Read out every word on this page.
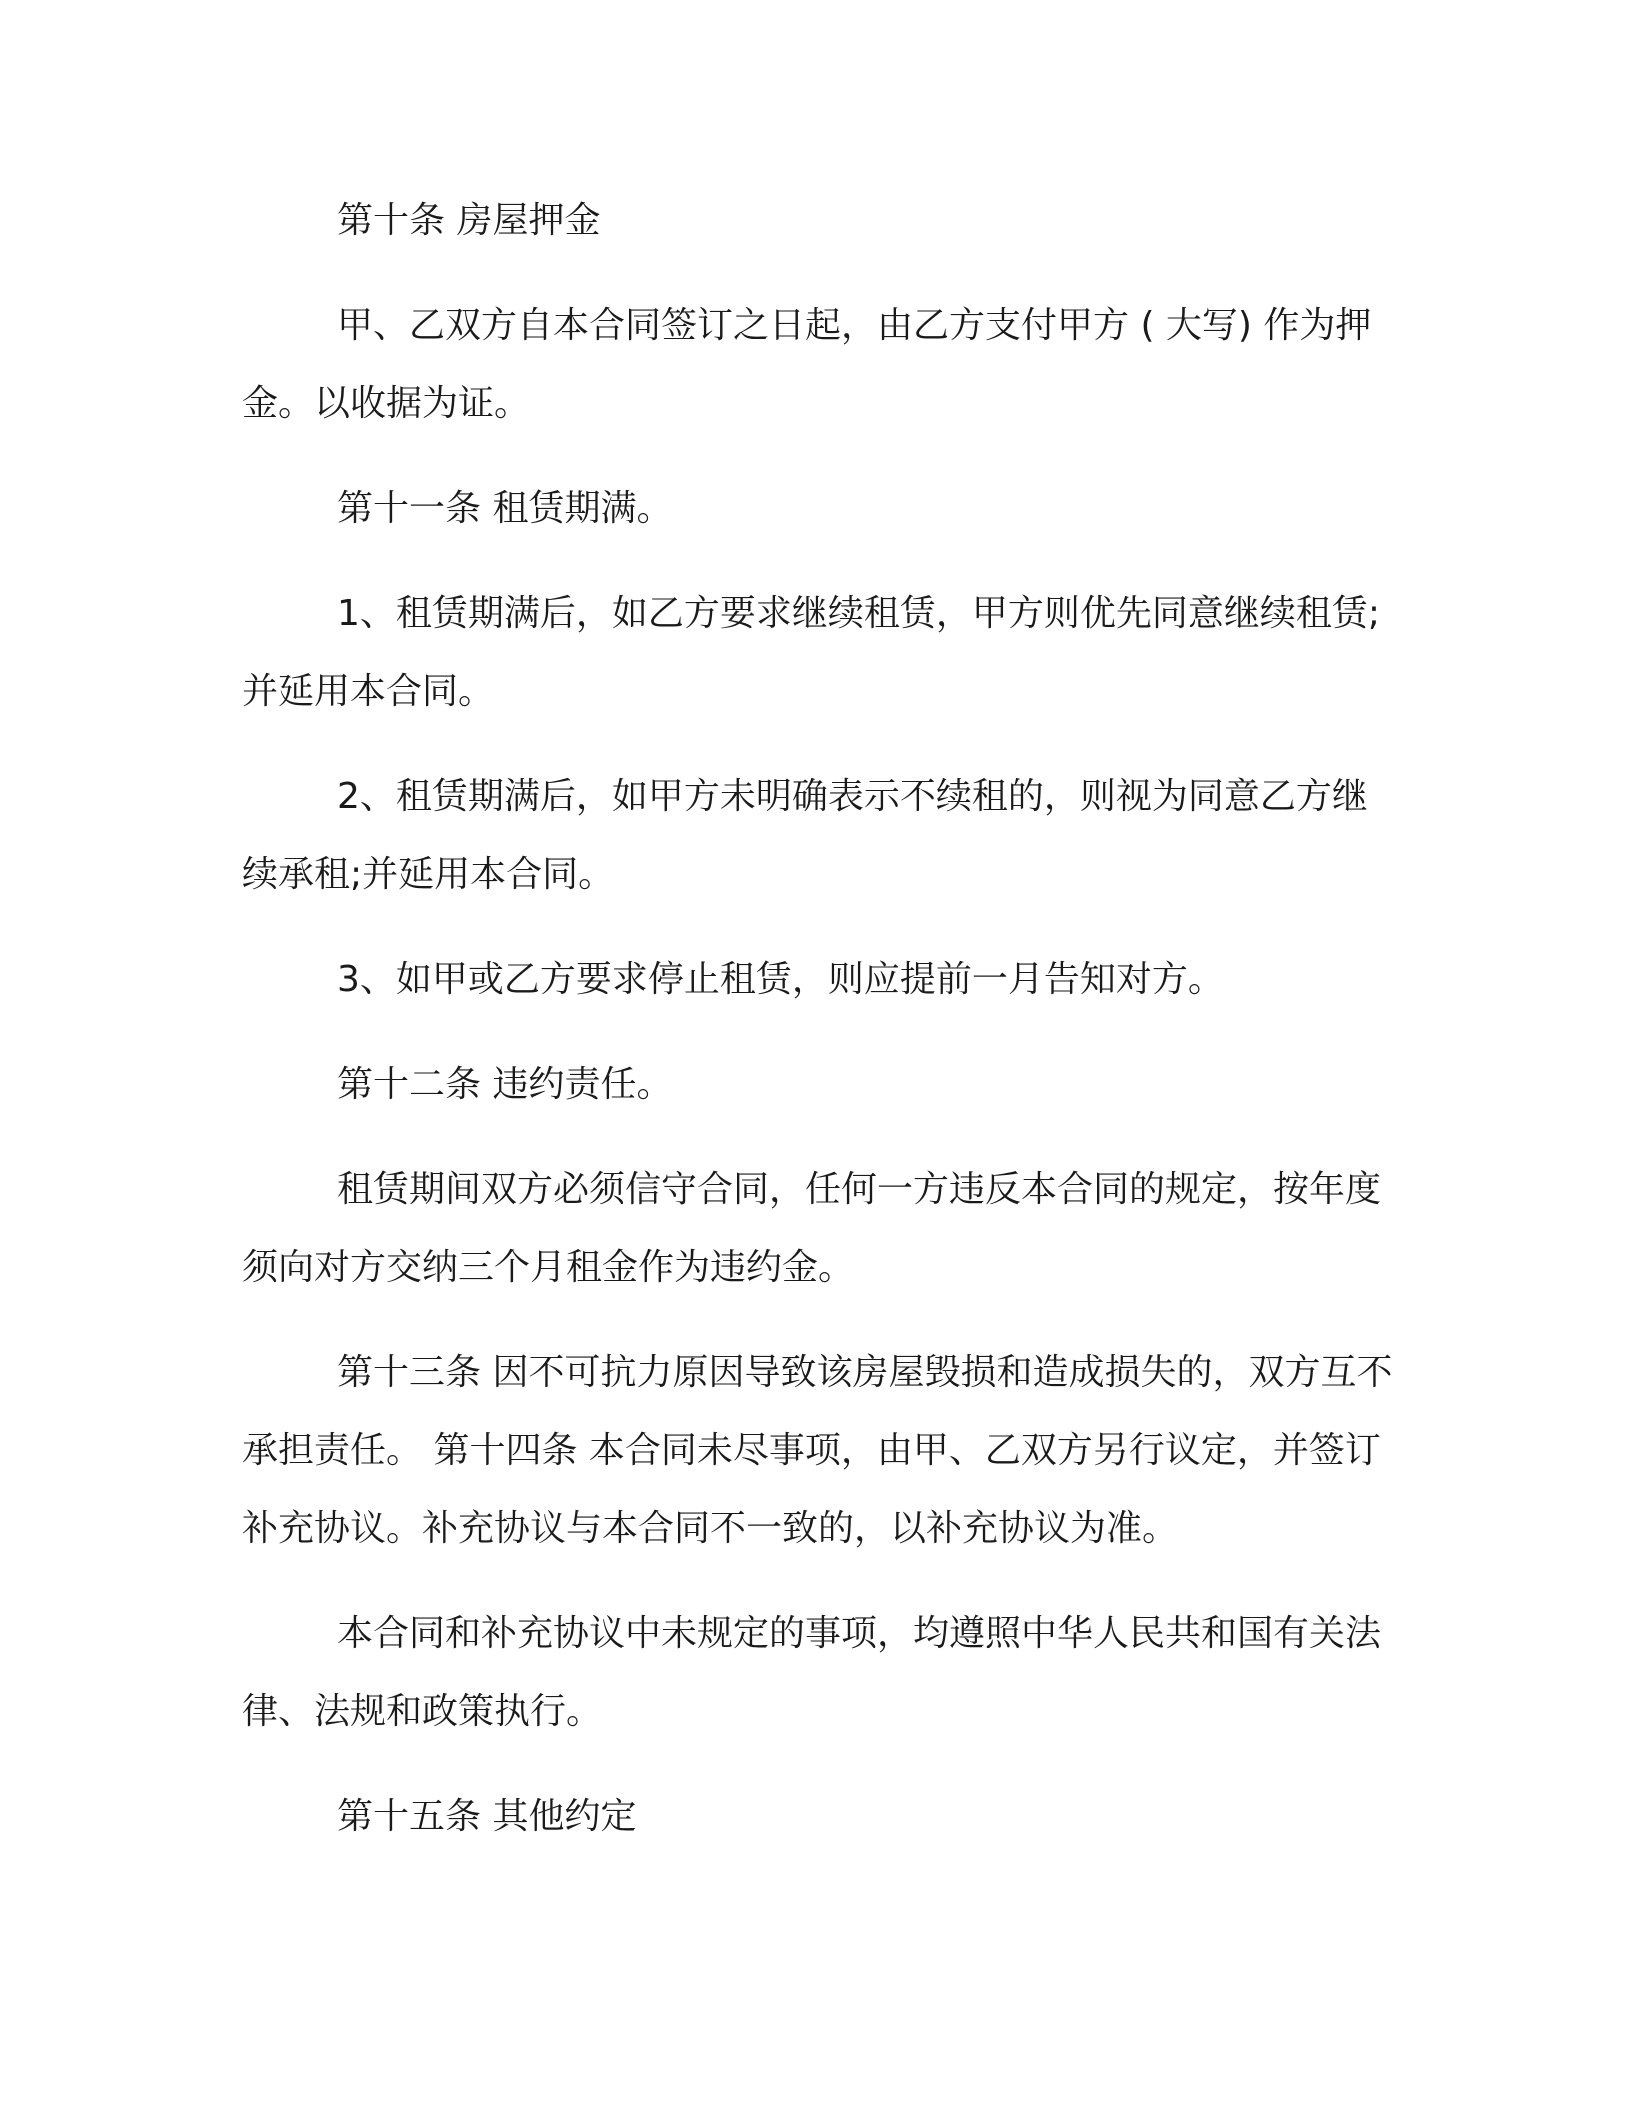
第十条 房屋押金

甲、乙双方自本合同签订之日起，由乙方支付甲方 ( 大写) 作为押金。以收据为证。

第十一条 租赁期满。

1、租赁期满后，如乙方要求继续租赁，甲方则优先同意继续租赁;并延用本合同。

2、租赁期满后，如甲方未明确表示不续租的，则视为同意乙方继续承租;并延用本合同。

3、如甲或乙方要求停止租赁，则应提前一月告知对方。

第十二条 违约责任。

租赁期间双方必须信守合同，任何一方违反本合同的规定，按年度须向对方交纳三个月租金作为违约金。

第十三条 因不可抗力原因导致该房屋毁损和造成损失的，双方互不承担责任。 第十四条 本合同未尽事项，由甲、乙双方另行议定，并签订补充协议。补充协议与本合同不一致的，以补充协议为准。

本合同和补充协议中未规定的事项，均遵照中华人民共和国有关法律、法规和政策执行。

第十五条 其他约定
